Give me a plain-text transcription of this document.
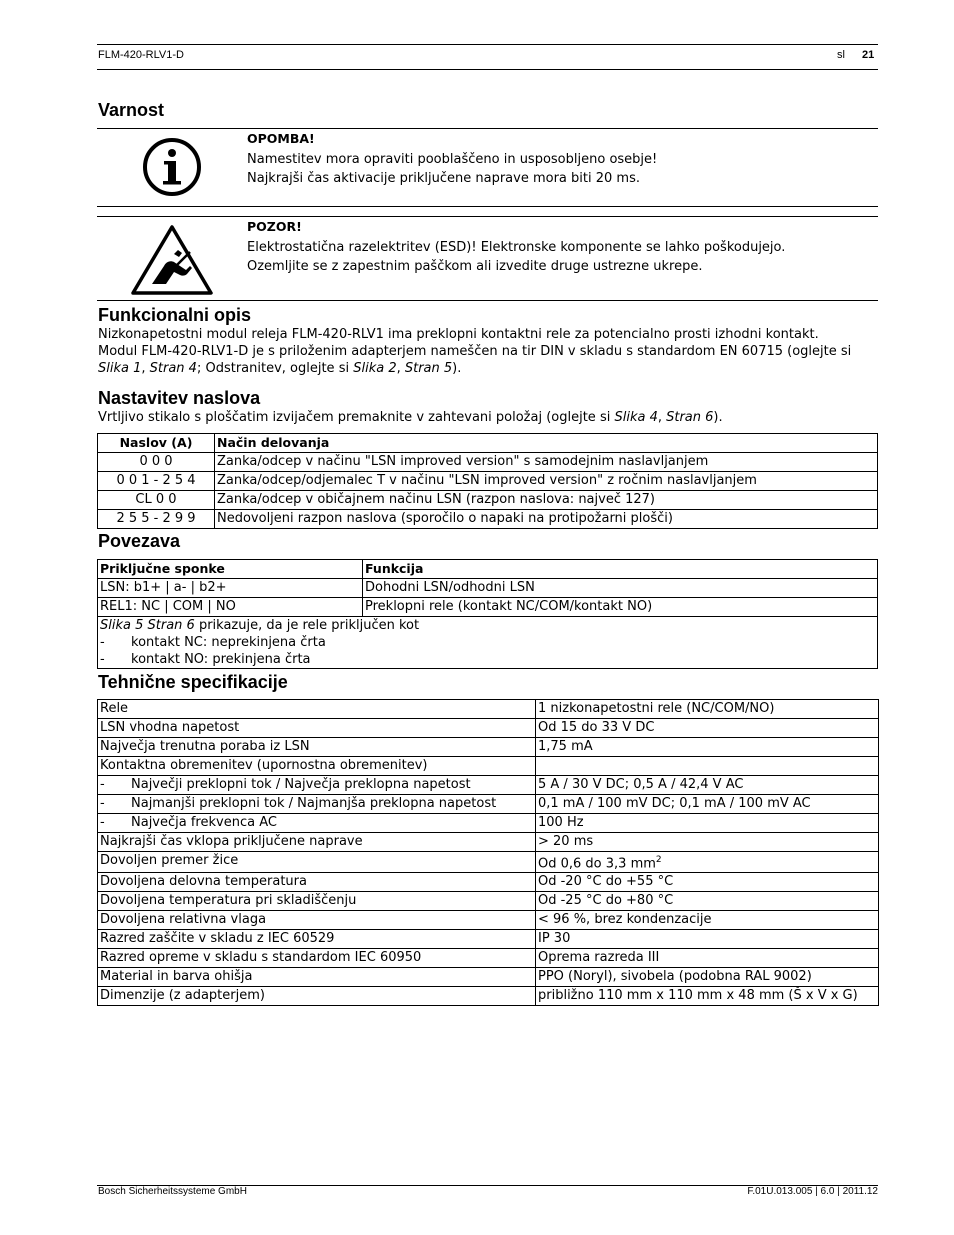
FLM-420-RLV1-D	sl 21
Varnost
OPOMBA!
Namestitev mora opraviti pooblaščeno in usposobljeno osebje!
Najkrajši čas aktivacije priključene naprave mora biti 20 ms.
POZOR!
Elektrostatična razelektritev (ESD)! Elektronske komponente se lahko poškodujejo.
Ozemljite se z zapestnim paščkom ali izvedite druge ustrezne ukrepe.
Funkcionalni opis
Nizkonapetostni modul releja FLM-420-RLV1 ima preklopni kontaktni rele za potencialno prosti izhodni kontakt.
Modul FLM-420-RLV1-D je s priloženim adapterjem nameščen na tir DIN v skladu s standardom EN 60715 (oglejte si
Slika 1, Stran 4; Odstranitev, oglejte si Slika 2, Stran 5).
Nastavitev naslova
Vrtljivo stikalo s ploščatim izvijačem premaknite v zahtevani položaj (oglejte si Slika 4, Stran 6).
Naslov (A)	Način delovanja
0 0 0	Zanka/odcep v načinu "LSN improved version" s samodejnim naslavljanjem
0 0 1 - 2 5 4	Zanka/odcep/odjemalec T v načinu "LSN improved version" z ročnim naslavljanjem
CL 0 0	Zanka/odcep v običajnem načinu LSN (razpon naslova: največ 127)
2 5 5 - 2 9 9	Nedovoljeni razpon naslova (sporočilo o napaki na protipožarni plošči)
Povezava
Priključne sponke	Funkcija
LSN: b1+ | a- | b2+	Dohodni LSN/odhodni LSN
REL1: NC | COM | NO	Preklopni rele (kontakt NC/COM/kontakt NO)

Slika 5 Stran 6 prikazuje, da je rele priključen kot
- kontakt NC: neprekinjena črta
- kontakt NO: prekinjena črta	
Tehnične specifikacije
Rele	1 nizkonapetostni rele (NC/COM/NO)
LSN vhodna napetost	Od 15 do 33 V DC
Največja trenutna poraba iz LSN	1,75 mA
Kontaktna obremenitev (upornostna obremenitev)	
- Največji preklopni tok / Največja preklopna napetost	5 A / 30 V DC; 0,5 A / 42,4 V AC
- Najmanjši preklopni tok / Najmanjša preklopna napetost	0,1 mA / 100 mV DC; 0,1 mA / 100 mV AC
- Največja frekvenca AC	100 Hz
Najkrajši čas vklopa priključene naprave	> 20 ms
Dovoljen premer žice	Od 0,6 do 3,3 $mm^2$
Dovoljena delovna temperatura	Od -20 °C do +55 °C
Dovoljena temperatura pri skladiščenju	Od -25 °C do +80 °C
Dovoljena relativna vlaga	< 96 %, brez kondenzacije
Razred zaščite v skladu z IEC 60529	IP 30
Razred opreme v skladu s standardom IEC 60950	Oprema razreda III
Material in barva ohišja	PPO (Noryl), sivobela (podobna RAL 9002)
Dimenzije (z adapterjem)	približno 110 mm x 110 mm x 48 mm (Š x V x G)
Bosch Sicherheitssysteme GmbH	F.01U.013.005 | 6.0 | 2011.12
